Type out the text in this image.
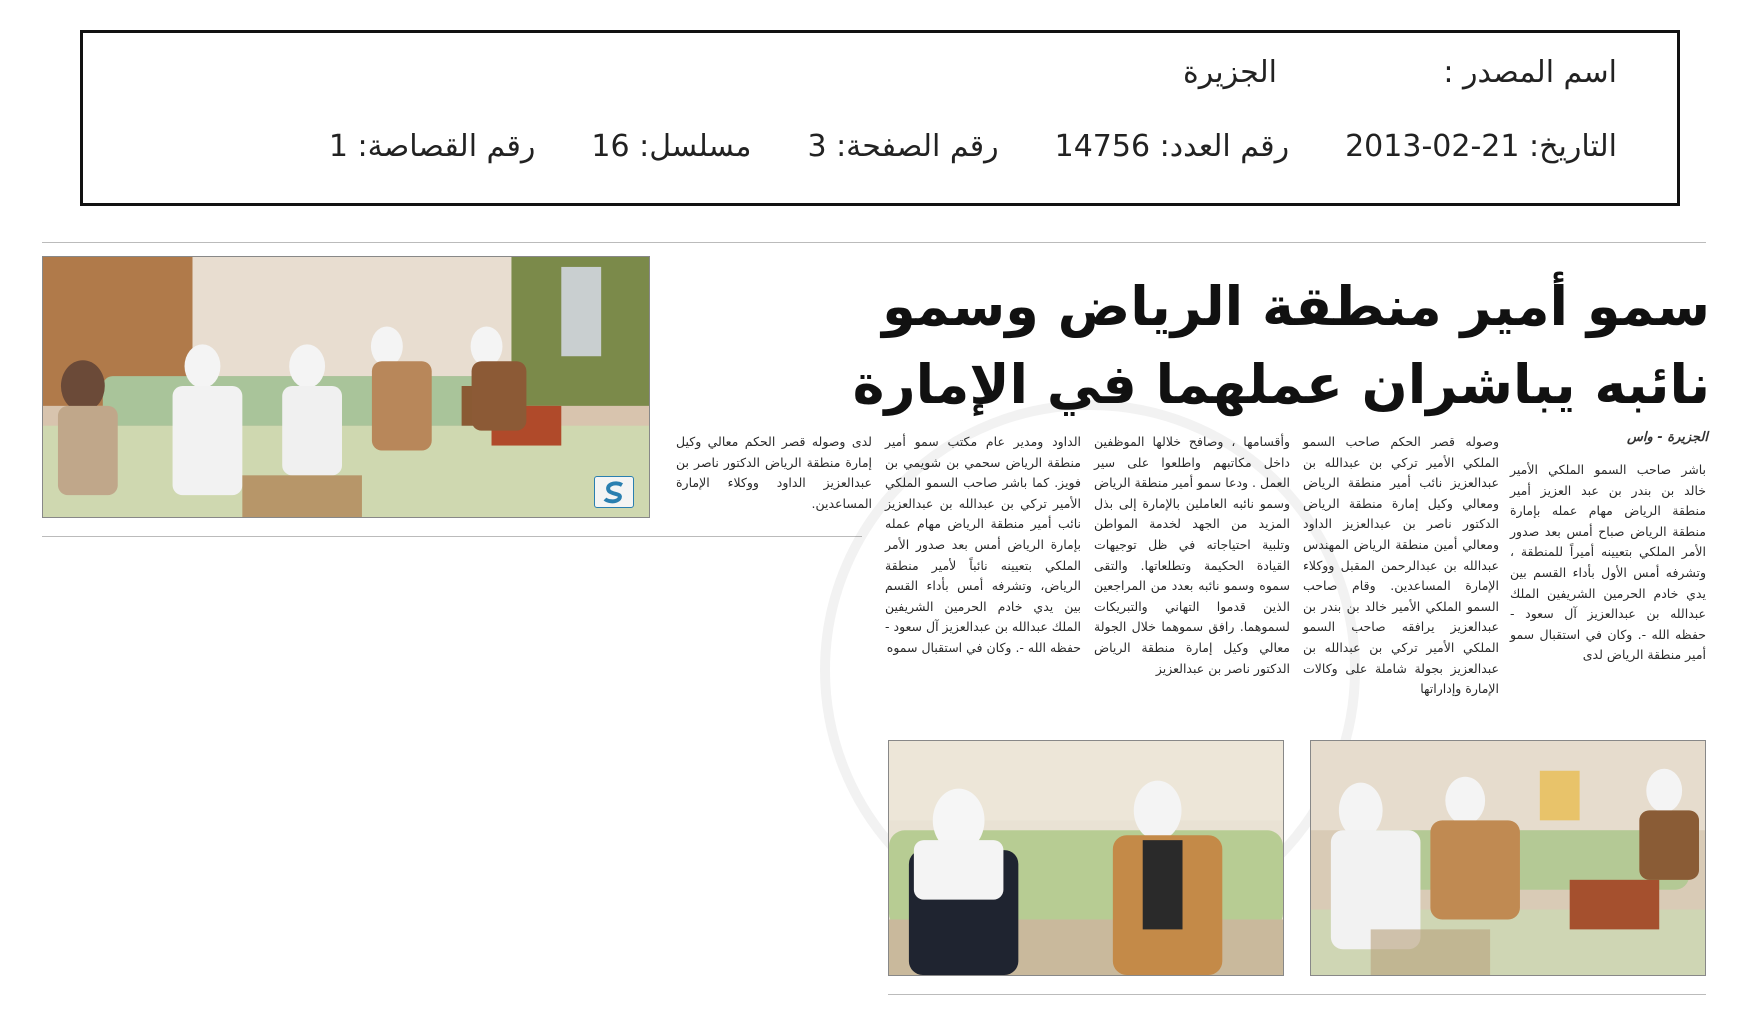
اسم المصدر :
الجزيرة
التاريخ: 21-02-2013
رقم العدد: 14756
رقم الصفحة: 3
مسلسل: 16
رقم القصاصة: 1
سمو أمير منطقة الرياض وسمو نائبه يباشران عملهما في الإمارة
الجزيرة - واس
باشر صاحب السمو الملكي الأمير خالد بن بندر بن عبد العزيز أمير منطقة الرياض مهام عمله بإمارة منطقة الرياض صباح أمس بعد صدور الأمر الملكي بتعيينه أميراً للمنطقة ، وتشرفه أمس الأول بأداء القسم بين يدي خادم الحرمين الشريفين الملك عبدالله بن عبدالعزيز آل سعود - حفظه الله -. وكان في استقبال سمو أمير منطقة الرياض لدى
وصوله قصر الحكم صاحب السمو الملكي الأمير تركي بن عبدالله بن عبدالعزيز نائب أمير منطقة الرياض ومعالي وكيل إمارة منطقة الرياض الدكتور ناصر بن عبدالعزيز الداود ومعالي أمين منطقة الرياض المهندس عبدالله بن عبدالرحمن المقبل ووكلاء الإمارة المساعدين. وقام صاحب السمو الملكي الأمير خالد بن بندر بن عبدالعزيز يرافقه صاحب السمو الملكي الأمير تركي بن عبدالله بن عبدالعزيز بجولة شاملة على وكالات الإمارة وإداراتها
وأقسامها ، وصافح خلالها الموظفين داخل مكاتبهم واطلعوا على سير العمل . ودعا سمو أمير منطقة الرياض وسمو نائبه العاملين بالإمارة إلى بذل المزيد من الجهد لخدمة المواطن وتلبية احتياجاته في ظل توجيهات القيادة الحكيمة وتطلعاتها. والتقى سموه وسمو نائبه بعدد من المراجعين الذين قدموا التهاني والتبريكات لسموهما. رافق سموهما خلال الجولة معالي وكيل إمارة منطقة الرياض الدكتور ناصر بن عبدالعزيز
الداود ومدير عام مكتب سمو أمير منطقة الرياض سحمي بن شويمي بن فويز. كما باشر صاحب السمو الملكي الأمير تركي بن عبدالله بن عبدالعزيز نائب أمير منطقة الرياض مهام عمله بإمارة الرياض أمس بعد صدور الأمر الملكي بتعيينه نائباً لأمير منطقة الرياض، وتشرفه أمس بأداء القسم بين يدي خادم الحرمين الشريفين الملك عبدالله بن عبدالعزيز آل سعود - حفظه الله -. وكان في استقبال سموه
لدى وصوله قصر الحكم معالي وكيل إمارة منطقة الرياض الدكتور ناصر بن عبدالعزيز الداود ووكلاء الإمارة المساعدين.
